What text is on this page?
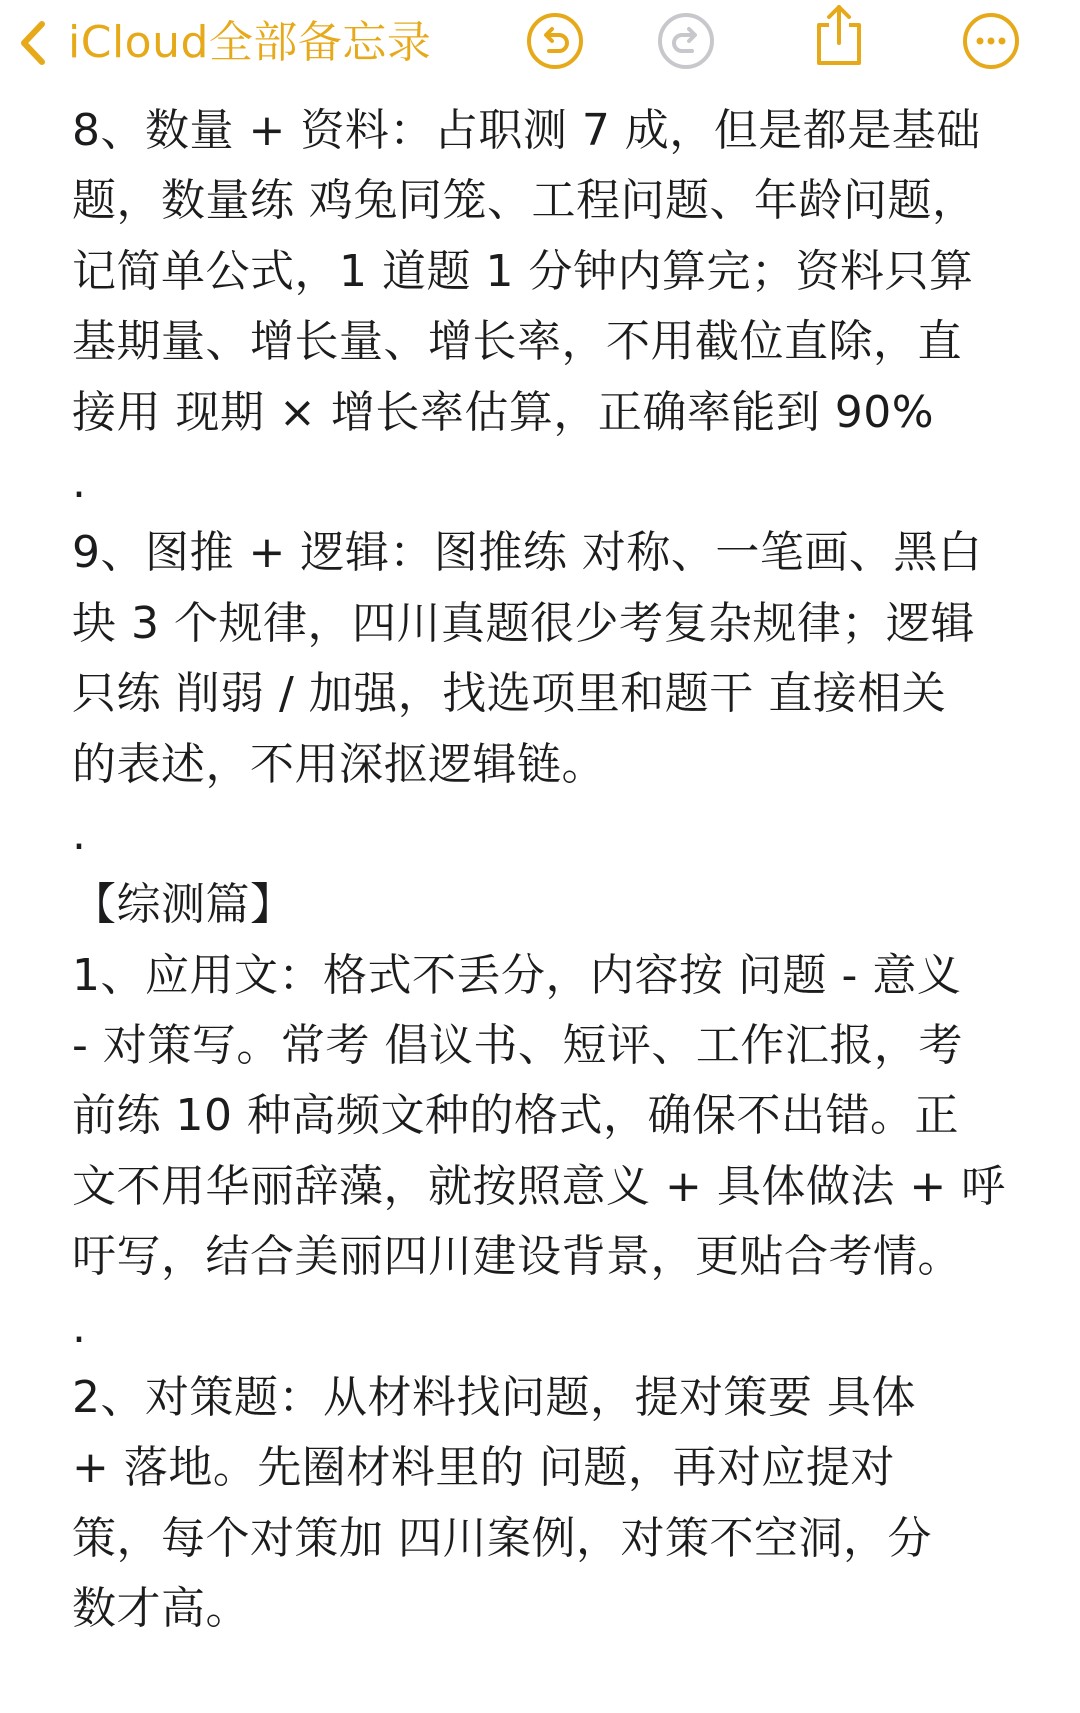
iCloud全部备忘录
8、数量 + 资料：占职测 7 成，但是都是基础
题，数量练 鸡兔同笼、工程问题、年龄问题，
记简单公式，1 道题 1 分钟内算完；资料只算
基期量、增长量、增长率，不用截位直除，直
接用 现期 × 增长率估算，正确率能到 90%
.
9、图推 + 逻辑：图推练 对称、一笔画、黑白
块 3 个规律，四川真题很少考复杂规律；逻辑
只练 削弱 / 加强，找选项里和题干 直接相关
的表述，不用深抠逻辑链。
.
【综测篇】
1、应用文：格式不丢分，内容按 问题 - 意义
- 对策写。常考 倡议书、短评、工作汇报，考
前练 10 种高频文种的格式，确保不出错。正
文不用华丽辞藻，就按照意义 + 具体做法 + 呼
吁写，结合美丽四川建设背景，更贴合考情。
.
2、对策题：从材料找问题，提对策要 具体
+ 落地。先圈材料里的 问题，再对应提对
策，每个对策加 四川案例，对策不空洞，分
数才高。
